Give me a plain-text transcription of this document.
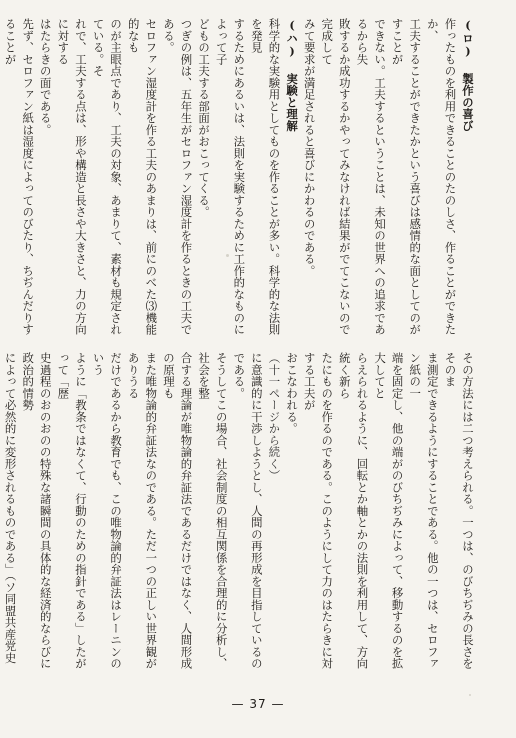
(ロ) 製作の喜び

作ったものを利用できることのたのしさ、作ることができたか、

工夫することができたかという喜びは感情的な面としてのがすことが

できない。工夫するということは、未知の世界への追求であるから失

敗するか成功するかやってみなければ結果がでてこないので完成して

みて要求が満足されると喜びにかわるのである。

(ハ) 実験と理解

科学的な実験用としてものを作ることが多い。科学的な法則を発見

するためにあるいは、法則を実験するために工作的なものによって子

どもの工夫する部面がおこってくる。

つぎの例は、五年生がセロファン湿度計を作るときの工夫である。

セロファン湿度計を作る工夫のあまりは、前にのべた⑶機能的なも

のが主眼点であり、工夫の対象、あまりて、素材も規定されている。そ

れで、工夫する点は、形や構造と長さや大きさと、力の方向に対する

はたらきの面である。

先ず、セロファン紙は湿度によってのびたり、ちぢんだりすることが

その方法には二つ考えられる。一つは、のびちぢみの長さをそのま

ま測定できるようにすることである。他の一つは、セロファン紙の一

端を固定し、他の端がのびちぢみによって、移動するのを拡大してと

らえられるように、回転とか軸とかの法則を利用して、方向統く新ら

たにものを作るのである。このようにして力のはたらきに対する工夫が

おこなわれる。

（十一ページから続く）

に意識的に干渉しようとし、人間の再形成を目指しているのである。

そうしてこの場合、社会制度の相互関係を合理的に分析し、社会を整

合する理論が唯物論的弁証法であるだけではなく、人間形成の原理も

また唯物論的弁証法なのである。ただ一つの正しい世界観がありうる

だけであるから教育でも、この唯物論的弁証法はレーニンのいう

ように「教条ではなくて、行動のための指針である」したがって「歴

史過程のおのおのの特殊な諸瞬間の具体的な経済的ならびに政治的情勢

によって必然的に変形されるものである」（ソ同盟共産党史　

— 37 —
